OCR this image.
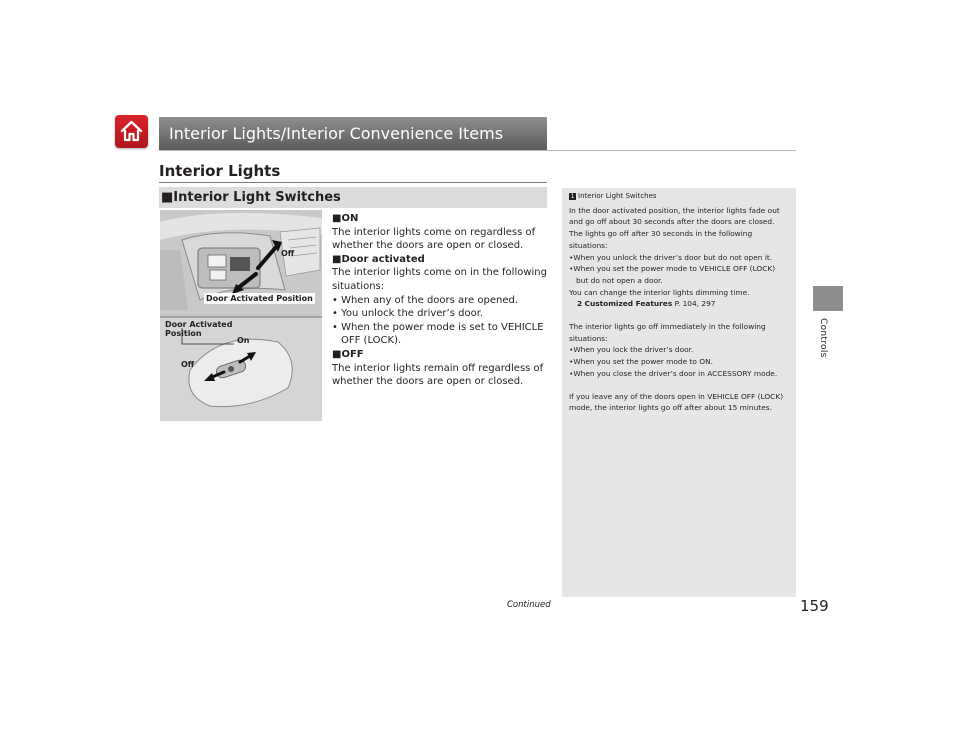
Interior Lights/Interior Convenience Items
Interior Lights
Controls
■Interior Light Switches
Off
Door Activated Position
Door Activated Position
On
Off
■ON
The interior lights come on regardless of whether the doors are open or closed.
■Door activated
The interior lights come on in the following situations:
• When any of the doors are opened.
• You unlock the driver’s door.
• When the power mode is set to VEHICLE OFF (LOCK).
■OFF
The interior lights remain off regardless of whether the doors are open or closed.
1 Interior Light Switches
In the door activated position, the interior lights fade out and go off about 30 seconds after the doors are closed. The lights go off after 30 seconds in the following situations:
•When you unlock the driver’s door but do not open it.
•When you set the power mode to VEHICLE OFF (LOCK) but do not open a door.
You can change the interior lights dimming time.
2 Customized Features P. 104, 297
The interior lights go off immediately in the following situations:
•When you lock the driver’s door.
•When you set the power mode to ON.
•When you close the driver’s door in ACCESSORY mode.
If you leave any of the doors open in VEHICLE OFF (LOCK) mode, the interior lights go off after about 15 minutes.
Continued	159
